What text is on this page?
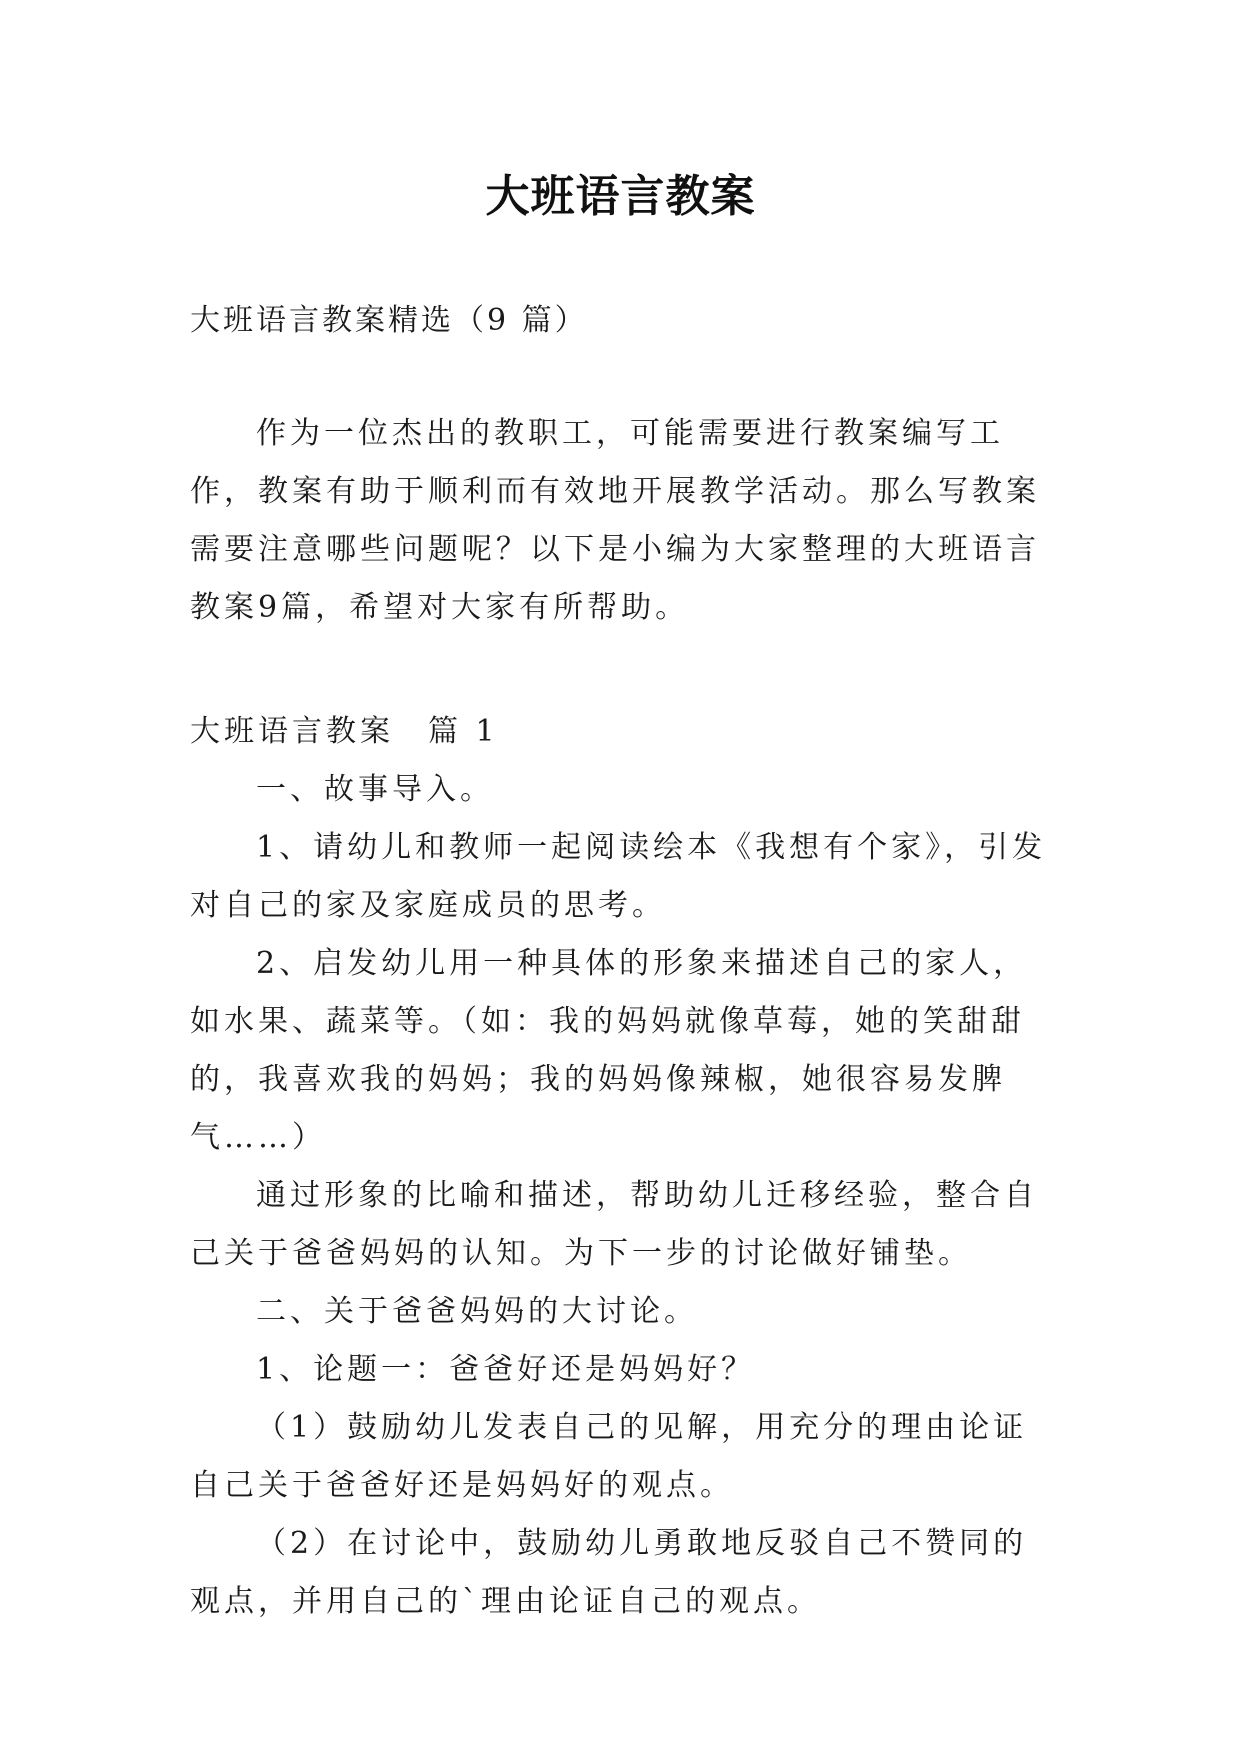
大班语言教案
大班语言教案精选（9 篇）

作为一位杰出的教职工，可能需要进行教案编写工作，教案有助于顺利而有效地开展教学活动。那么写教案需要注意哪些问题呢？以下是小编为大家整理的大班语言教案9篇，希望对大家有所帮助。

大班语言教案　篇 1

一、故事导入。

1、请幼儿和教师一起阅读绘本《我想有个家》，引发对自己的家及家庭成员的思考。

2、启发幼儿用一种具体的形象来描述自己的家人，如水果、蔬菜等。（如：我的妈妈就像草莓，她的笑甜甜的，我喜欢我的妈妈；我的妈妈像辣椒，她很容易发脾气……）

通过形象的比喻和描述，帮助幼儿迁移经验，整合自己关于爸爸妈妈的认知。为下一步的讨论做好铺垫。

二、关于爸爸妈妈的大讨论。

1、论题一：爸爸好还是妈妈好？

（1）鼓励幼儿发表自己的见解，用充分的理由论证自己关于爸爸好还是妈妈好的观点。

（2）在讨论中，鼓励幼儿勇敢地反驳自己不赞同的观点，并用自己的`理由论证自己的观点。
